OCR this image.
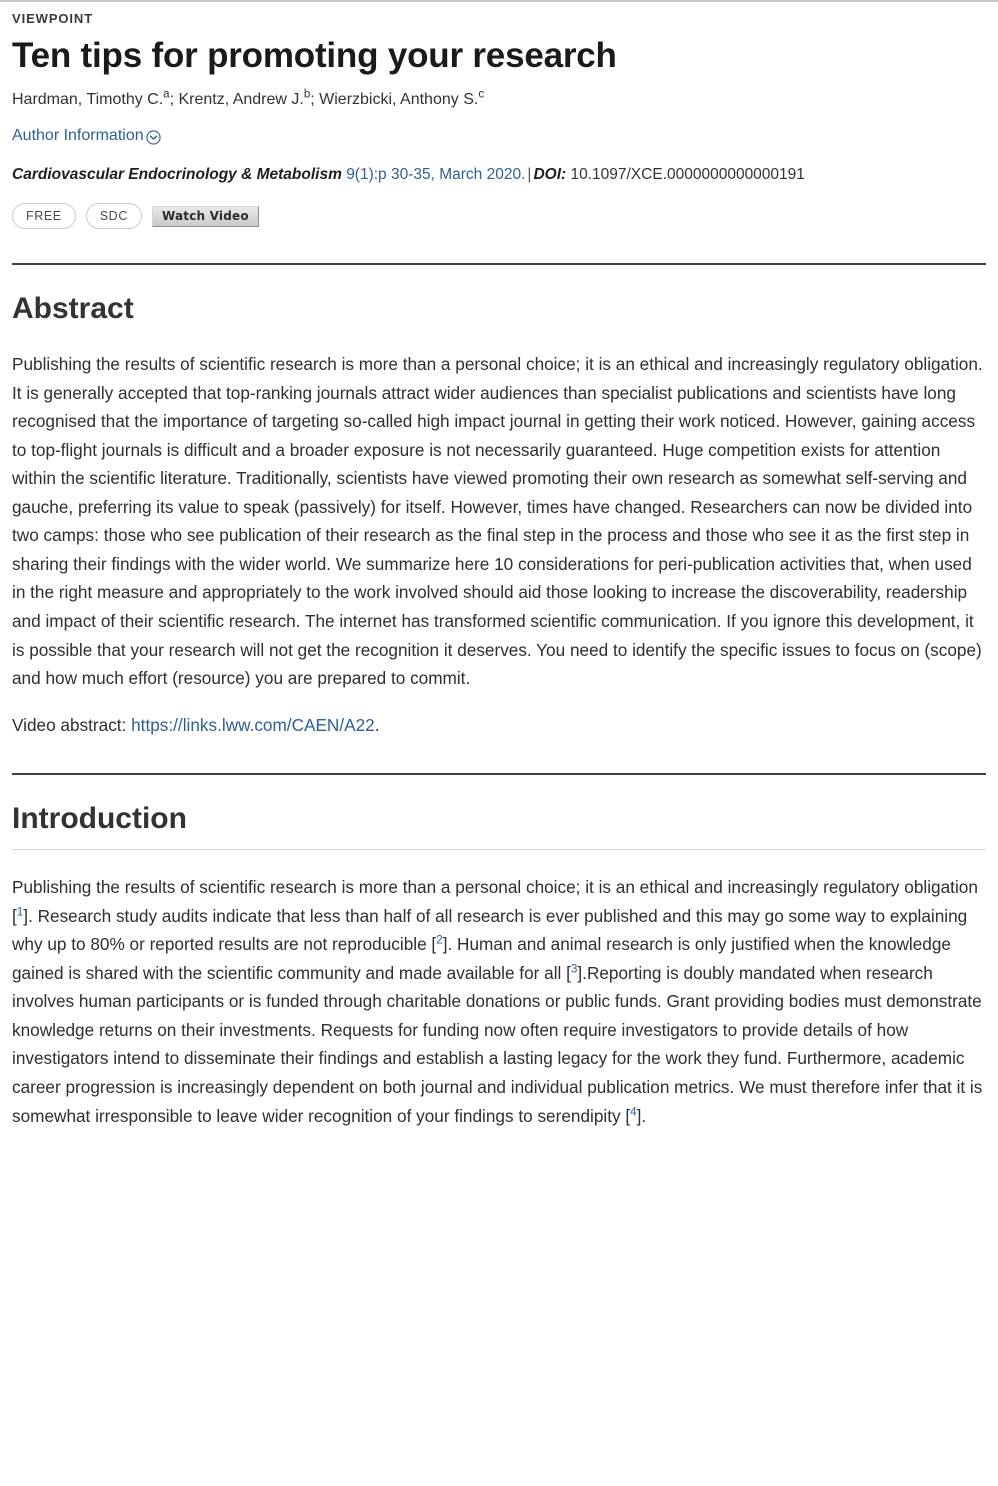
VIEWPOINT
Ten tips for promoting your research
Hardman, Timothy C.$^a$; Krentz, Andrew J.$^b$; Wierzbicki, Anthony S.$^c$
Author Information
Cardiovascular Endocrinology & Metabolism 9(1):p 30-35, March 2020. | DOI: 10.1097/XCE.0000000000000191
FREE	SDC	Watch Video
Abstract

Publishing the results of scientific research is more than a personal choice; it is an ethical and increasingly regulatory obligation. It is generally accepted that top-ranking journals attract wider audiences than specialist publications and scientists have long recognised that the importance of targeting so-called high impact journal in getting their work noticed. However, gaining access to top-flight journals is difficult and a broader exposure is not necessarily guaranteed. Huge competition exists for attention within the scientific literature. Traditionally, scientists have viewed promoting their own research as somewhat self-serving and gauche, preferring its value to speak (passively) for itself. However, times have changed. Researchers can now be divided into two camps: those who see publication of their research as the final step in the process and those who see it as the first step in sharing their findings with the wider world. We summarize here 10 considerations for peri-publication activities that, when used in the right measure and appropriately to the work involved should aid those looking to increase the discoverability, readership and impact of their scientific research. The internet has transformed scientific communication. If you ignore this development, it is possible that your research will not get the recognition it deserves. You need to identify the specific issues to focus on (scope) and how much effort (resource) you are prepared to commit.

Video abstract: https://links.lww.com/CAEN/A22.

Introduction

Publishing the results of scientific research is more than a personal choice; it is an ethical and increasingly regulatory obligation [$^1$]. Research study audits indicate that less than half of all research is ever published and this may go some way to explaining why up to 80% or reported results are not reproducible [$^2$]. Human and animal research is only justified when the knowledge gained is shared with the scientific community and made available for all [$^3$].Reporting is doubly mandated when research involves human participants or is funded through charitable donations or public funds. Grant providing bodies must demonstrate knowledge returns on their investments. Requests for funding now often require investigators to provide details of how investigators intend to disseminate their findings and establish a lasting legacy for the work they fund. Furthermore, academic career progression is increasingly dependent on both journal and individual publication metrics. We must therefore infer that it is somewhat irresponsible to leave wider recognition of your findings to serendipity [$^4$].
